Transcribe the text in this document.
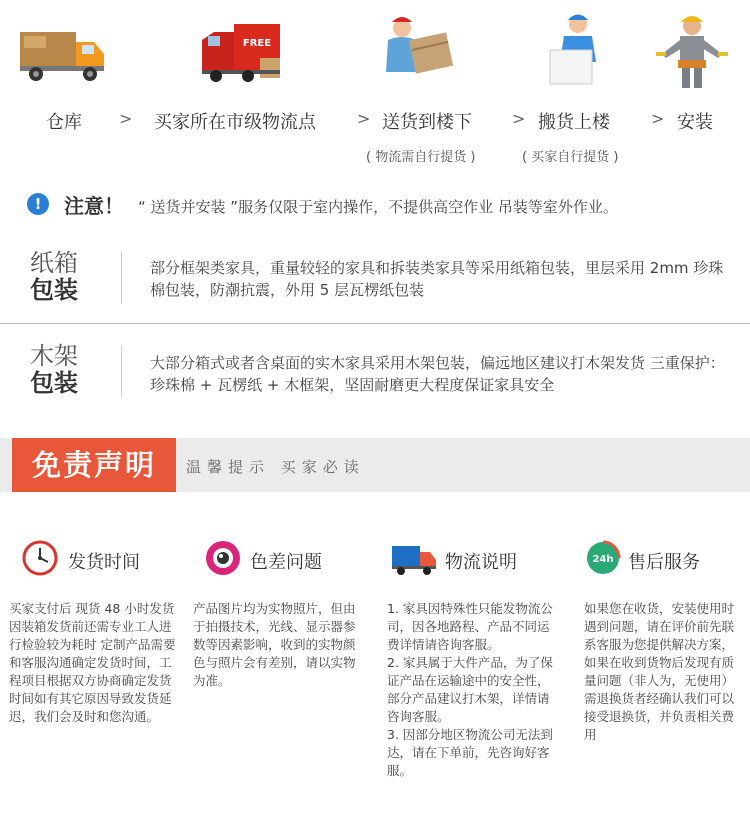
FREE
仓库 > 买家所在市级物流点	> 送货到楼下	> 搬货上楼	> 安装
( 物流需自行提货 )	( 买家自行提货 )
!	注意！ “ 送货并安装 ”服务仅限于室内操作，不提供高空作业 吊装等室外作业。
纸箱
包装
部分框架类家具，重量较轻的家具和拆装类家具等采用纸箱包装，里层采用 2mm 珍珠棉包装，防潮抗震，外用 5 层瓦楞纸包装
木架
包装
大部分箱式或者含桌面的实木家具采用木架包装，偏远地区建议打木架发货 三重保护：珍珠棉 + 瓦楞纸 + 木框架，坚固耐磨更大程度保证家具安全
免责声明	温馨提示 买家必读
发货时间

买家支付后 现货 48 小时发货 因装箱发货前还需专业工人进行检验较为耗时 定制产品需要和客服沟通确定发货时间，工程项目根据双方协商确定发货时间如有其它原因导致发货延迟，我们会及时和您沟通。

色差问题

产品图片均为实物照片，但由于拍摄技术，光线、显示器参数等因素影响，收到的实物颜色与照片会有差别，请以实物为准。

物流说明

1. 家具因特殊性只能发物流公司，因各地路程、产品不同运费详情请咨询客服。

2. 家具属于大件产品，为了保证产品在运输途中的安全性，部分产品建议打木架，详情请咨询客服。

3. 因部分地区物流公司无法到达，请在下单前，先咨询好客服。

24h 售后服务

如果您在收货，安装使用时遇到问题，请在评价前先联系客服为您提供解决方案，如果在收到货物后发现有质量问题（非人为，无使用）需退换货者经确认我们可以接受退换货，并负责相关费用
